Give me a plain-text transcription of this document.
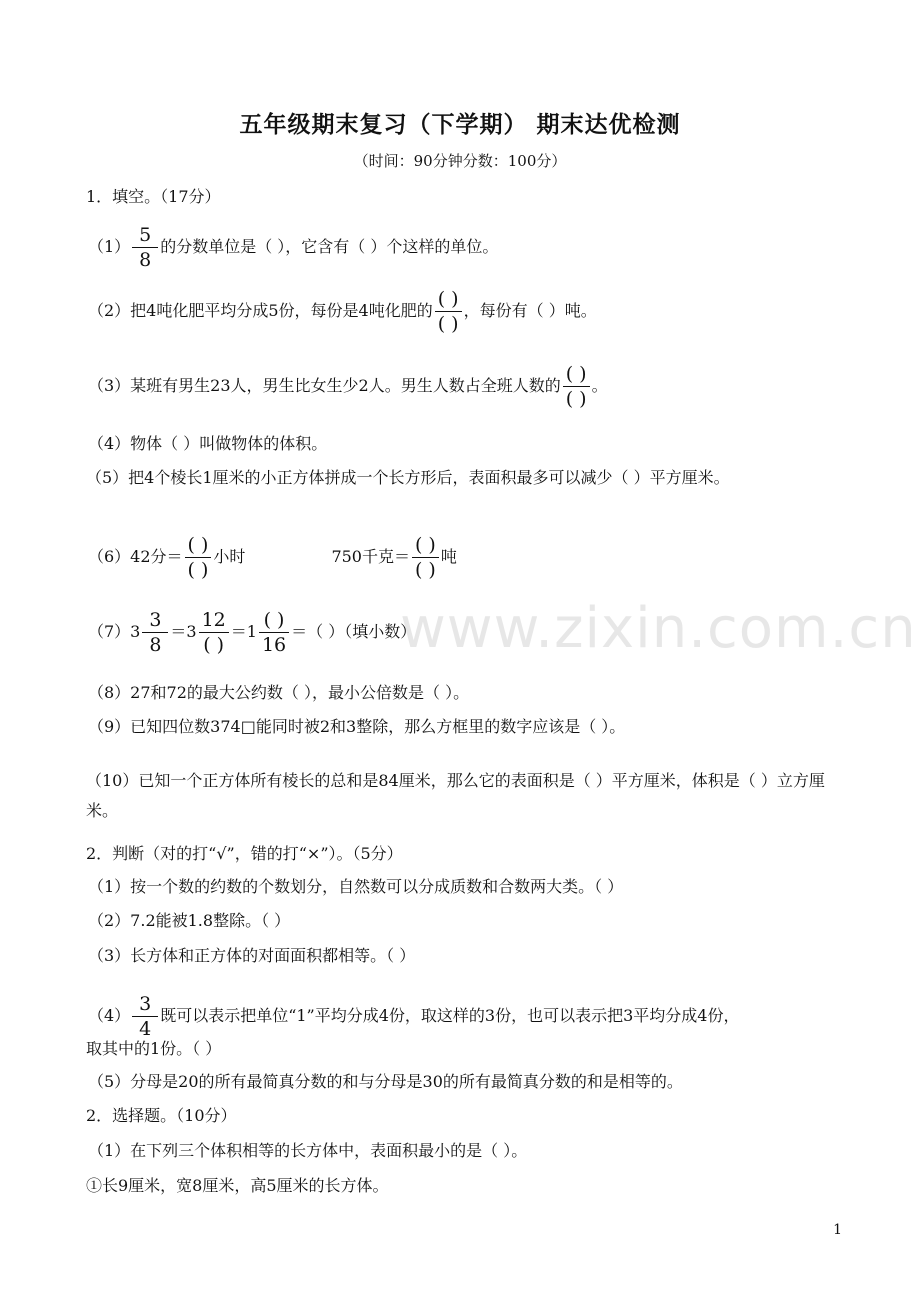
www.zixin.com.cn
五年级期末复习（下学期） 期末达优检测
（时间：90分钟分数：100分）
1．填空。（17分）
$(1) \frac{5}{8}$ 的分数单位是（ ），它含有（ ）个这样的单位。
（2）把4吨化肥平均分成5份，每份是4吨化肥的 $\frac{( )}{( )}$ ，每份有（ ）吨。
（3）某班有男生23人，男生比女生少2人。男生人数占全班人数的 $\frac{( )}{( )}$ 。
（4）物体（ ）叫做物体的体积。
（5）把4个棱长1厘米的小正方体拼成一个长方形后，表面积最多可以减少（ ）平方厘米。
（6）42分＝ $\frac{( )}{( )}$ 小时	750千克＝ $\frac{( )}{( )}$ 吨
$(7)3 \frac{3}{8} =3 \frac{12}{( )} =1 \frac{( )}{16}$ ＝（ ）（填小数）
（8）27和72的最大公约数（ ），最小公倍数是（ ）。
（9）已知四位数374□能同时被2和3整除，那么方框里的数字应该是（ ）。
（10）已知一个正方体所有棱长的总和是84厘米，那么它的表面积是（ ）平方厘米，体积是（ ）立方厘米。
2．判断（对的打“√”，错的打“×”）。（5分）
（1）按一个数的约数的个数划分，自然数可以分成质数和合数两大类。（ ）
（2）7.2能被1.8整除。（ ）
（3）长方体和正方体的对面面积都相等。（ ）
$(4) \frac{3}{4}$ 既可以表示把单位“1”平均分成4份，取这样的3份，也可以表示把3平均分成4份，
取其中的1份。（ ）
（5）分母是20的所有最简真分数的和与分母是30的所有最简真分数的和是相等的。
2．选择题。（10分）
（1）在下列三个体积相等的长方体中，表面积最小的是（ ）。
①长9厘米，宽8厘米，高5厘米的长方体。
1
